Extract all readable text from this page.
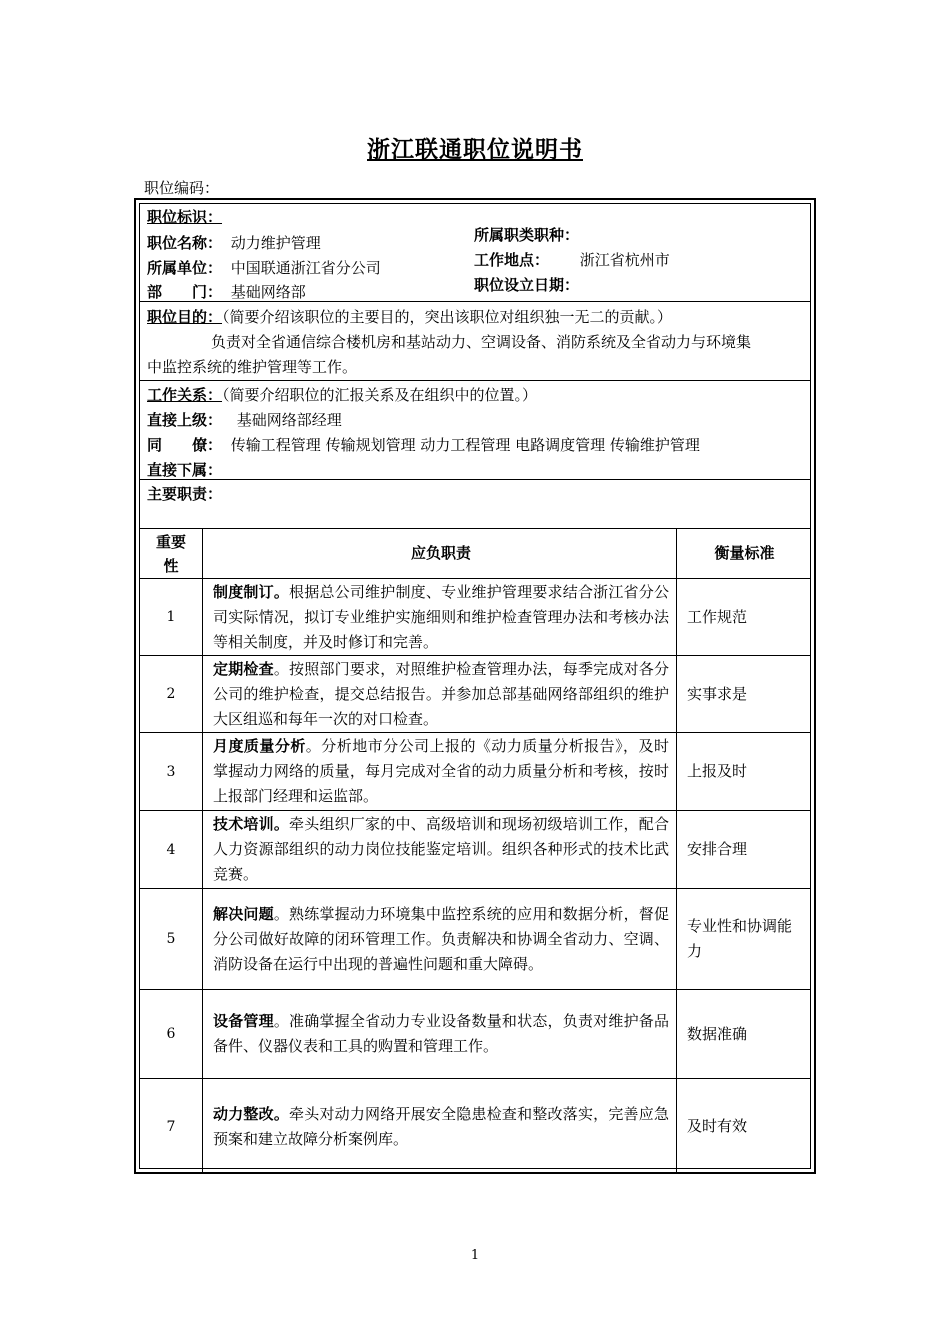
浙江联通职位说明书
职位编码：
职位标识：
职位名称： 动力维护管理
所属单位： 中国联通浙江省分公司
部　　门： 基础网络部
所属职类职种：
工作地点： 浙江省杭州市
职位设立日期：
职位目的：（简要介绍该职位的主要目的，突出该职位对组织独一无二的贡献。）
负责对全省通信综合楼机房和基站动力、空调设备、消防系统及全省动力与环境集
中监控系统的维护管理等工作。
工作关系：（简要介绍职位的汇报关系及在组织中的位置。）
直接上级： 基础网络部经理
同　　僚： 传输工程管理 传输规划管理 动力工程管理 电路调度管理 传输维护管理
直接下属：
主要职责：
重要性
应负职责	衡量标准
1
制度制订。根据总公司维护制度、专业维护管理要求结合浙江省分公司实际情况，拟订专业维护实施细则和维护检查管理办法和考核办法等相关制度，并及时修订和完善。
工作规范
2
定期检查。按照部门要求，对照维护检查管理办法，每季完成对各分公司的维护检查，提交总结报告。并参加总部基础网络部组织的维护大区组巡和每年一次的对口检查。
实事求是
3
月度质量分析。分析地市分公司上报的《动力质量分析报告》，及时掌握动力网络的质量，每月完成对全省的动力质量分析和考核，按时上报部门经理和运监部。
上报及时
4
技术培训。牵头组织厂家的中、高级培训和现场初级培训工作，配合人力资源部组织的动力岗位技能鉴定培训。组织各种形式的技术比武竞赛。
安排合理
5
解决问题。熟练掌握动力环境集中监控系统的应用和数据分析，督促分公司做好故障的闭环管理工作。负责解决和协调全省动力、空调、消防设备在运行中出现的普遍性问题和重大障碍。
专业性和协调能力
6
设备管理。准确掌握全省动力专业设备数量和状态，负责对维护备品备件、仪器仪表和工具的购置和管理工作。
数据准确
7
动力整改。牵头对动力网络开展安全隐患检查和整改落实，完善应急预案和建立故障分析案例库。
及时有效
1
